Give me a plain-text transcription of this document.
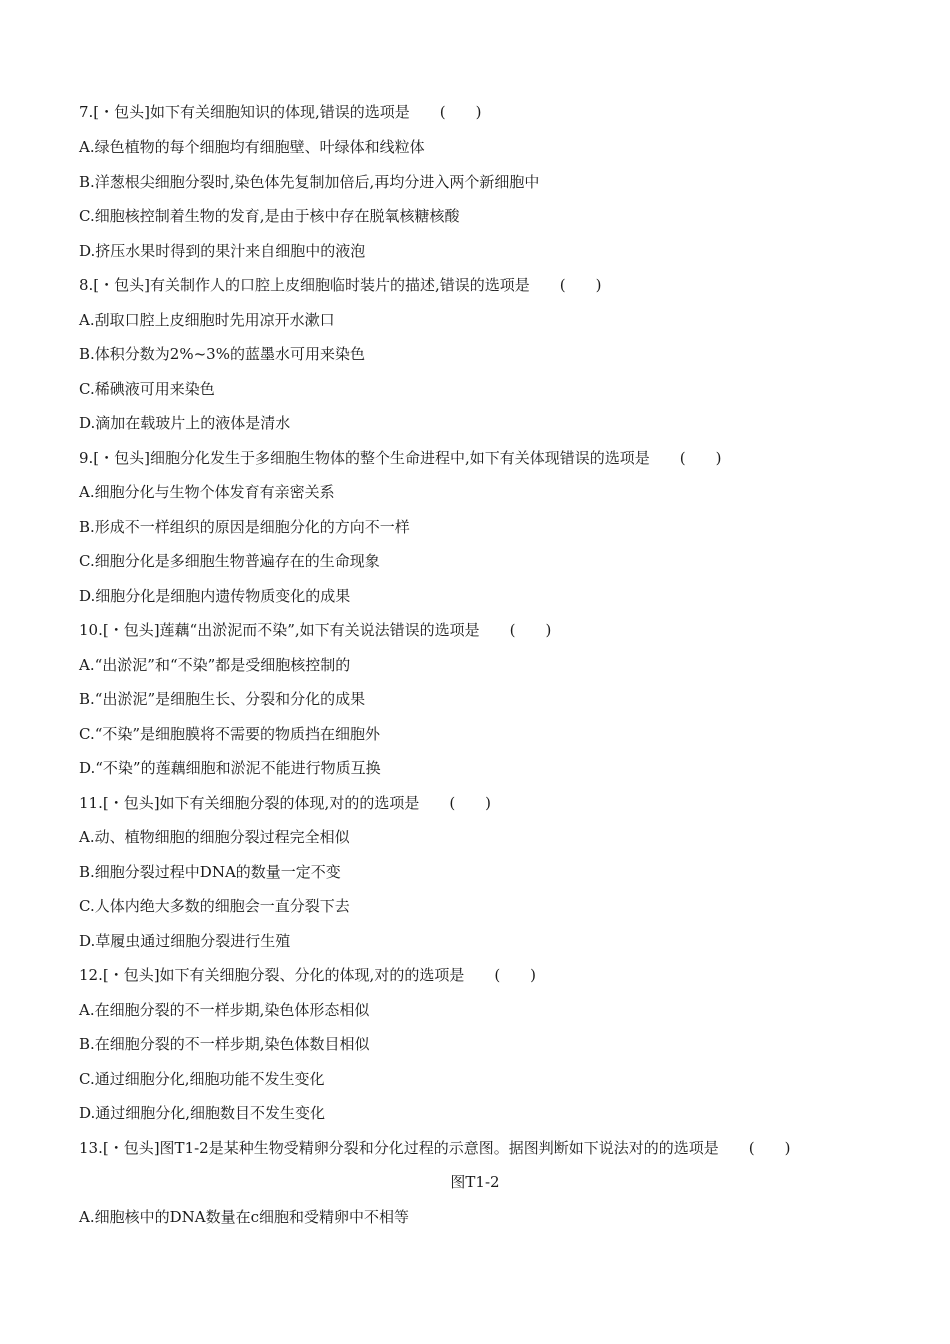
7.[・包头]如下有关细胞知识的体现,错误的选项是　　(　　)
A.绿色植物的每个细胞均有细胞壁、叶绿体和线粒体
B.洋葱根尖细胞分裂时,染色体先复制加倍后,再均分进入两个新细胞中
C.细胞核控制着生物的发育,是由于核中存在脱氧核糖核酸
D.挤压水果时得到的果汁来自细胞中的液泡
8.[・包头]有关制作人的口腔上皮细胞临时装片的描述,错误的选项是　　(　　)
A.刮取口腔上皮细胞时先用凉开水漱口
B.体积分数为2%~3%的蓝墨水可用来染色
C.稀碘液可用来染色
D.滴加在载玻片上的液体是清水
9.[・包头]细胞分化发生于多细胞生物体的整个生命进程中,如下有关体现错误的选项是　　(　　)
A.细胞分化与生物个体发育有亲密关系
B.形成不一样组织的原因是细胞分化的方向不一样
C.细胞分化是多细胞生物普遍存在的生命现象
D.细胞分化是细胞内遗传物质变化的成果
10.[・包头]莲藕“出淤泥而不染”,如下有关说法错误的选项是　　(　　)
A.“出淤泥”和“不染”都是受细胞核控制的
B.“出淤泥”是细胞生长、分裂和分化的成果
C.“不染”是细胞膜将不需要的物质挡在细胞外
D.“不染”的莲藕细胞和淤泥不能进行物质互换
11.[・包头]如下有关细胞分裂的体现,对的的选项是　　(　　)
A.动、植物细胞的细胞分裂过程完全相似
B.细胞分裂过程中DNA的数量一定不变
C.人体内绝大多数的细胞会一直分裂下去
D.草履虫通过细胞分裂进行生殖
12.[・包头]如下有关细胞分裂、分化的体现,对的的选项是　　(　　)
A.在细胞分裂的不一样步期,染色体形态相似
B.在细胞分裂的不一样步期,染色体数目相似
C.通过细胞分化,细胞功能不发生变化
D.通过细胞分化,细胞数目不发生变化
13.[・包头]图T1-2是某种生物受精卵分裂和分化过程的示意图。据图判断如下说法对的的选项是　　(　　)
图T1-2
A.细胞核中的DNA数量在c细胞和受精卵中不相等
